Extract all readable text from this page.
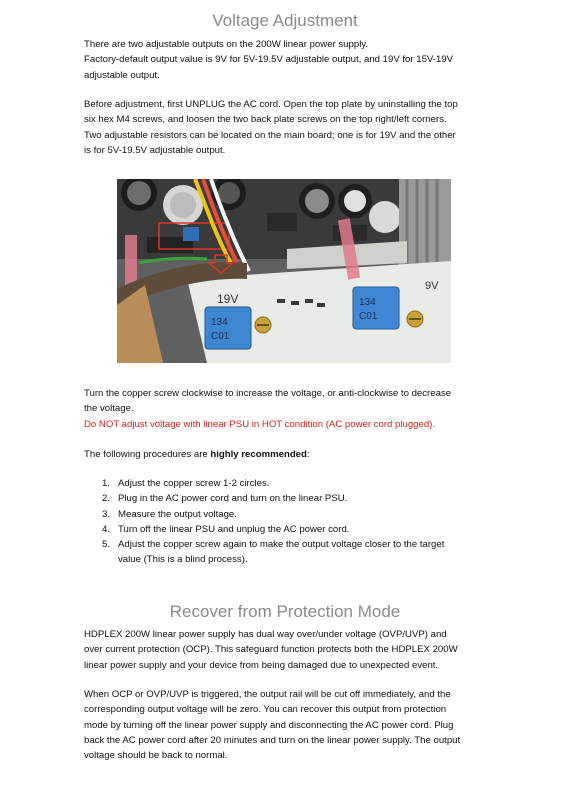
Voltage Adjustment

There are two adjustable outputs on the 200W linear power supply.

Factory-default output value is 9V for 5V-19.5V adjustable output, and 19V for 15V-19V

adjustable output.

Before adjustment, first UNPLUG the AC cord. Open the top plate by uninstalling the top

six hex M4 screws, and loosen the two back plate screws on the top right/left corners.

Two adjustable resistors can be located on the main board; one is for 19V and the other

is for 5V-19.5V adjustable output.

19V
9V
134
C01
134
C01

Turn the copper screw clockwise to increase the voltage, or anti-clockwise to decrease

the voltage.

Do NOT adjust voltage with linear PSU in HOT condition (AC power cord plugged).

The following procedures are highly recommended:

1. Adjust the copper screw 1-2 circles.
2. Plug in the AC power cord and turn on the linear PSU.
3. Measure the output voltage.
4. Turn off the linear PSU and unplug the AC power cord.
5. Adjust the copper screw again to make the output voltage closer to the target
value (This is a blind process).
Recover from Protection Mode

HDPLEX 200W linear power supply has dual way over/under voltage (OVP/UVP) and

over current protection (OCP). This safeguard function protects both the HDPLEX 200W

linear power supply and your device from being damaged due to unexpected event.

When OCP or OVP/UVP is triggered, the output rail will be cut off immediately, and the

corresponding output voltage will be zero. You can recover this output from protection

mode by turning off the linear power supply and disconnecting the AC power cord. Plug

back the AC power cord after 20 minutes and turn on the linear power supply. The output

voltage should be back to normal.
